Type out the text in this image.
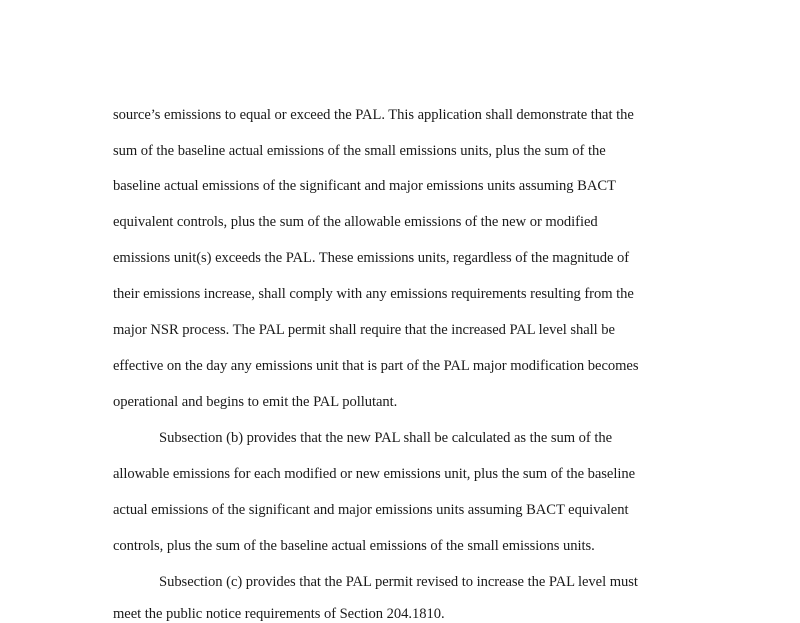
source’s emissions to equal or exceed the PAL. This application shall demonstrate that the
sum of the baseline actual emissions of the small emissions units, plus the sum of the
baseline actual emissions of the significant and major emissions units assuming BACT
equivalent controls, plus the sum of the allowable emissions of the new or modified
emissions unit(s) exceeds the PAL. These emissions units, regardless of the magnitude of
their emissions increase, shall comply with any emissions requirements resulting from the
major NSR process. The PAL permit shall require that the increased PAL level shall be
effective on the day any emissions unit that is part of the PAL major modification becomes
operational and begins to emit the PAL pollutant.
Subsection (b) provides that the new PAL shall be calculated as the sum of the
allowable emissions for each modified or new emissions unit, plus the sum of the baseline
actual emissions of the significant and major emissions units assuming BACT equivalent
controls, plus the sum of the baseline actual emissions of the small emissions units.
Subsection (c) provides that the PAL permit revised to increase the PAL level must
meet the public notice requirements of Section 204.1810.
